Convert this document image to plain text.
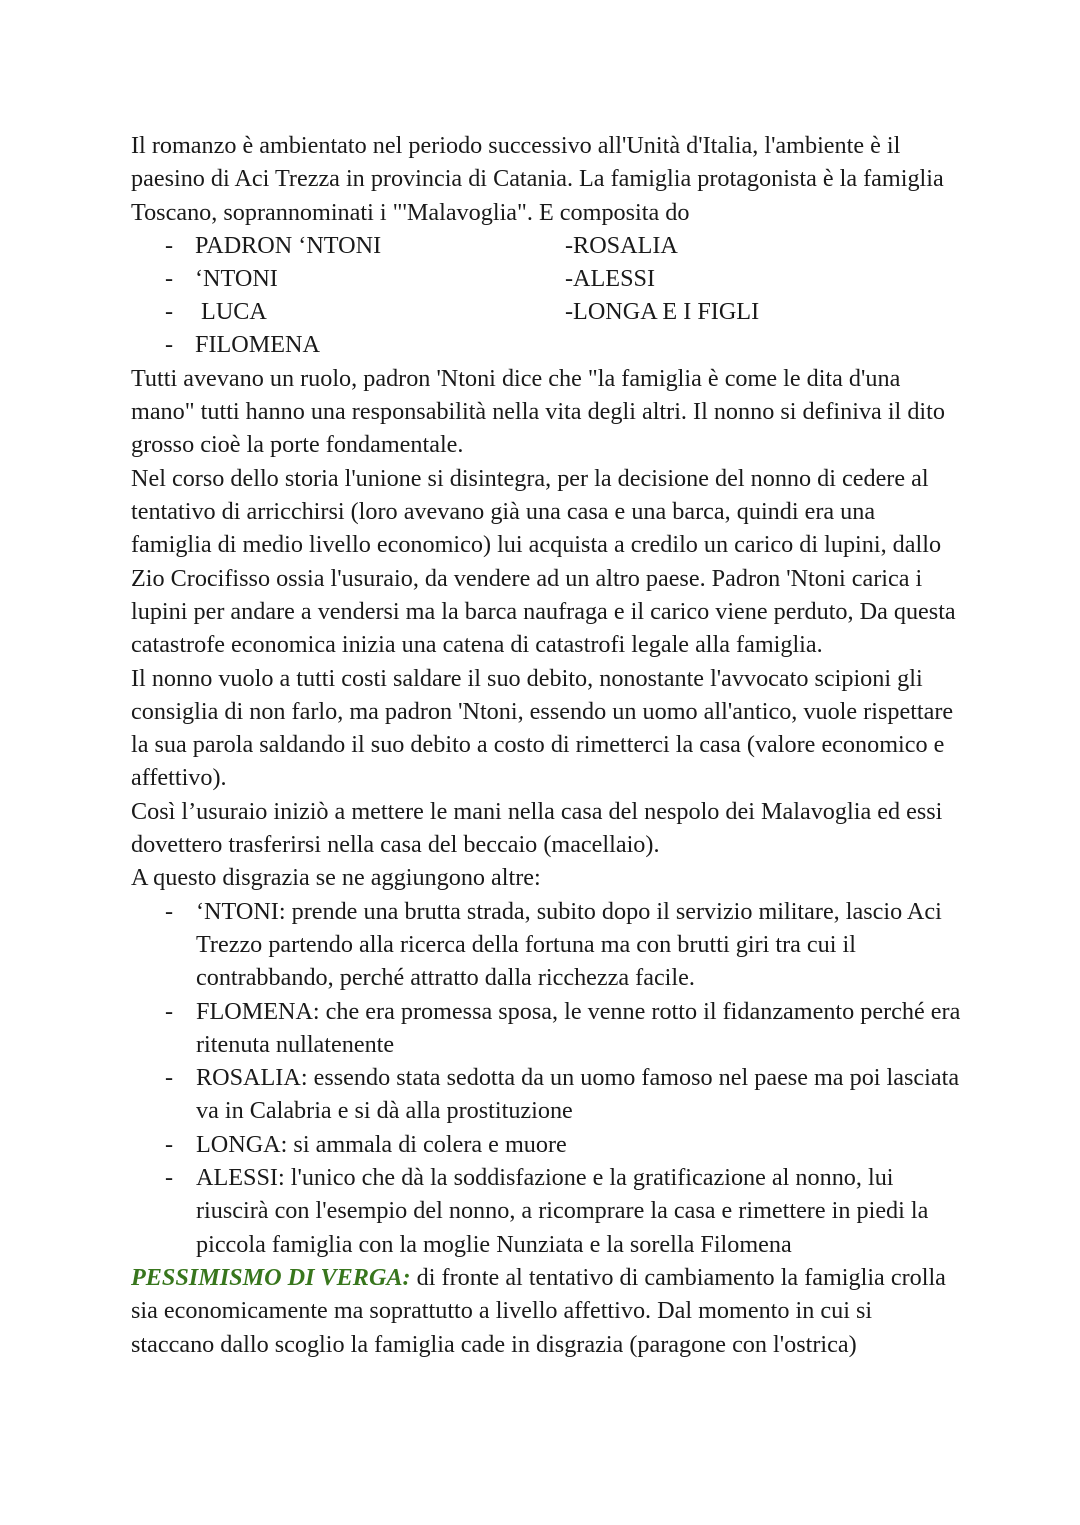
Il romanzo è ambientato nel periodo successivo all'Unità d'Italia, l'ambiente è il paesino di Aci Trezza in provincia di Catania. La famiglia protagonista è la famiglia Toscano, soprannominati i "'Malavoglia". E composita do

- PADRON ‘NTONI	-ROSALIA
- ‘NTONI	-ALESSI
- LUCA	-LONGA E I FIGLI
- FILOMENA

Tutti avevano un ruolo, padron 'Ntoni dice che "la famiglia è come le dita d'una mano" tutti hanno una responsabilità nella vita degli altri. Il nonno si definiva il dito grosso cioè la porte fondamentale.

Nel corso dello storia l'unione si disintegra, per la decisione del nonno di cedere al tentativo di arricchirsi (loro avevano già una casa e una barca, quindi era una famiglia di medio livello economico) lui acquista a credilo un carico di lupini, dallo Zio Crocifisso ossia l'usuraio, da vendere ad un altro paese. Padron 'Ntoni carica i lupini per andare a vendersi ma la barca naufraga e il carico viene perduto, Da questa catastrofe economica inizia una catena di catastrofi legale alla famiglia.

Il nonno vuolo a tutti costi saldare il suo debito, nonostante l'avvocato scipioni gli consiglia di non farlo, ma padron 'Ntoni, essendo un uomo all'antico, vuole rispettare la sua parola saldando il suo debito a costo di rimetterci la casa (valore economico e affettivo).

Così l’usuraio iniziò a mettere le mani nella casa del nespolo dei Malavoglia ed essi dovettero trasferirsi nella casa del beccaio (macellaio).

A questo disgrazia se ne aggiungono altre:

- ‘NTONI: prende una brutta strada, subito dopo il servizio militare, lascio Aci Trezzo partendo alla ricerca della fortuna ma con brutti giri tra cui il contrabbando, perché attratto dalla ricchezza facile.
- FLOMENA: che era promessa sposa, le venne rotto il fidanzamento perché era ritenuta nullatenente
- ROSALIA: essendo stata sedotta da un uomo famoso nel paese ma poi lasciata va in Calabria e si dà alla prostituzione
- LONGA: si ammala di colera e muore
- ALESSI: l'unico che dà la soddisfazione e la gratificazione al nonno, lui riuscirà con l'esempio del nonno, a ricomprare la casa e rimettere in piedi la piccola famiglia con la moglie Nunziata e la sorella Filomena

PESSIMISMO DI VERGA: di fronte al tentativo di cambiamento la famiglia crolla sia economicamente ma soprattutto a livello affettivo. Dal momento in cui si staccano dallo scoglio la famiglia cade in disgrazia (paragone con l'ostrica)
